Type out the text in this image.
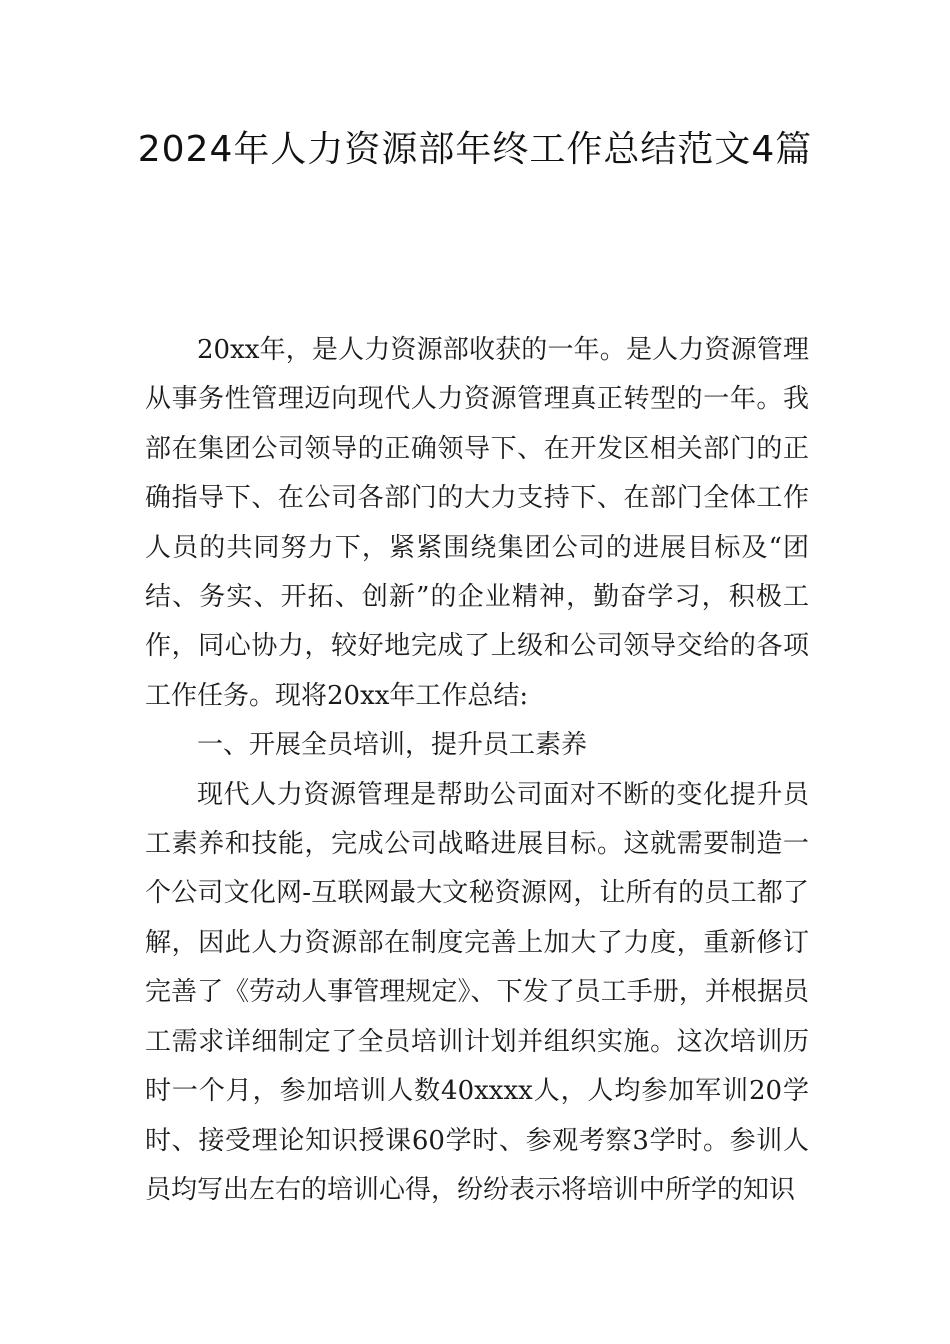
2024年人力资源部年终工作总结范文4篇

20xx年，是人力资源部收获的一年。是人力资源管理从事务性管理迈向现代人力资源管理真正转型的一年。我部在集团公司领导的正确领导下、在开发区相关部门的正确指导下、在公司各部门的大力支持下、在部门全体工作人员的共同努力下，紧紧围绕集团公司的进展目标及“团结、务实、开拓、创新”的企业精神，勤奋学习，积极工作，同心协力，较好地完成了上级和公司领导交给的各项工作任务。现将20xx年工作总结:

一、开展全员培训，提升员工素养

现代人力资源管理是帮助公司面对不断的变化提升员工素养和技能，完成公司战略进展目标。这就需要制造一个公司文化网-互联网最大文秘资源网，让所有的员工都了解，因此人力资源部在制度完善上加大了力度，重新修订完善了《劳动人事管理规定》、下发了员工手册，并根据员工需求详细制定了全员培训计划并组织实施。这次培训历时一个月，参加培训人数40xxxx人，人均参加军训20学时、接受理论知识授课60学时、参观考察3学时。参训人员均写出左右的培训心得，纷纷表示将培训中所学的知识
